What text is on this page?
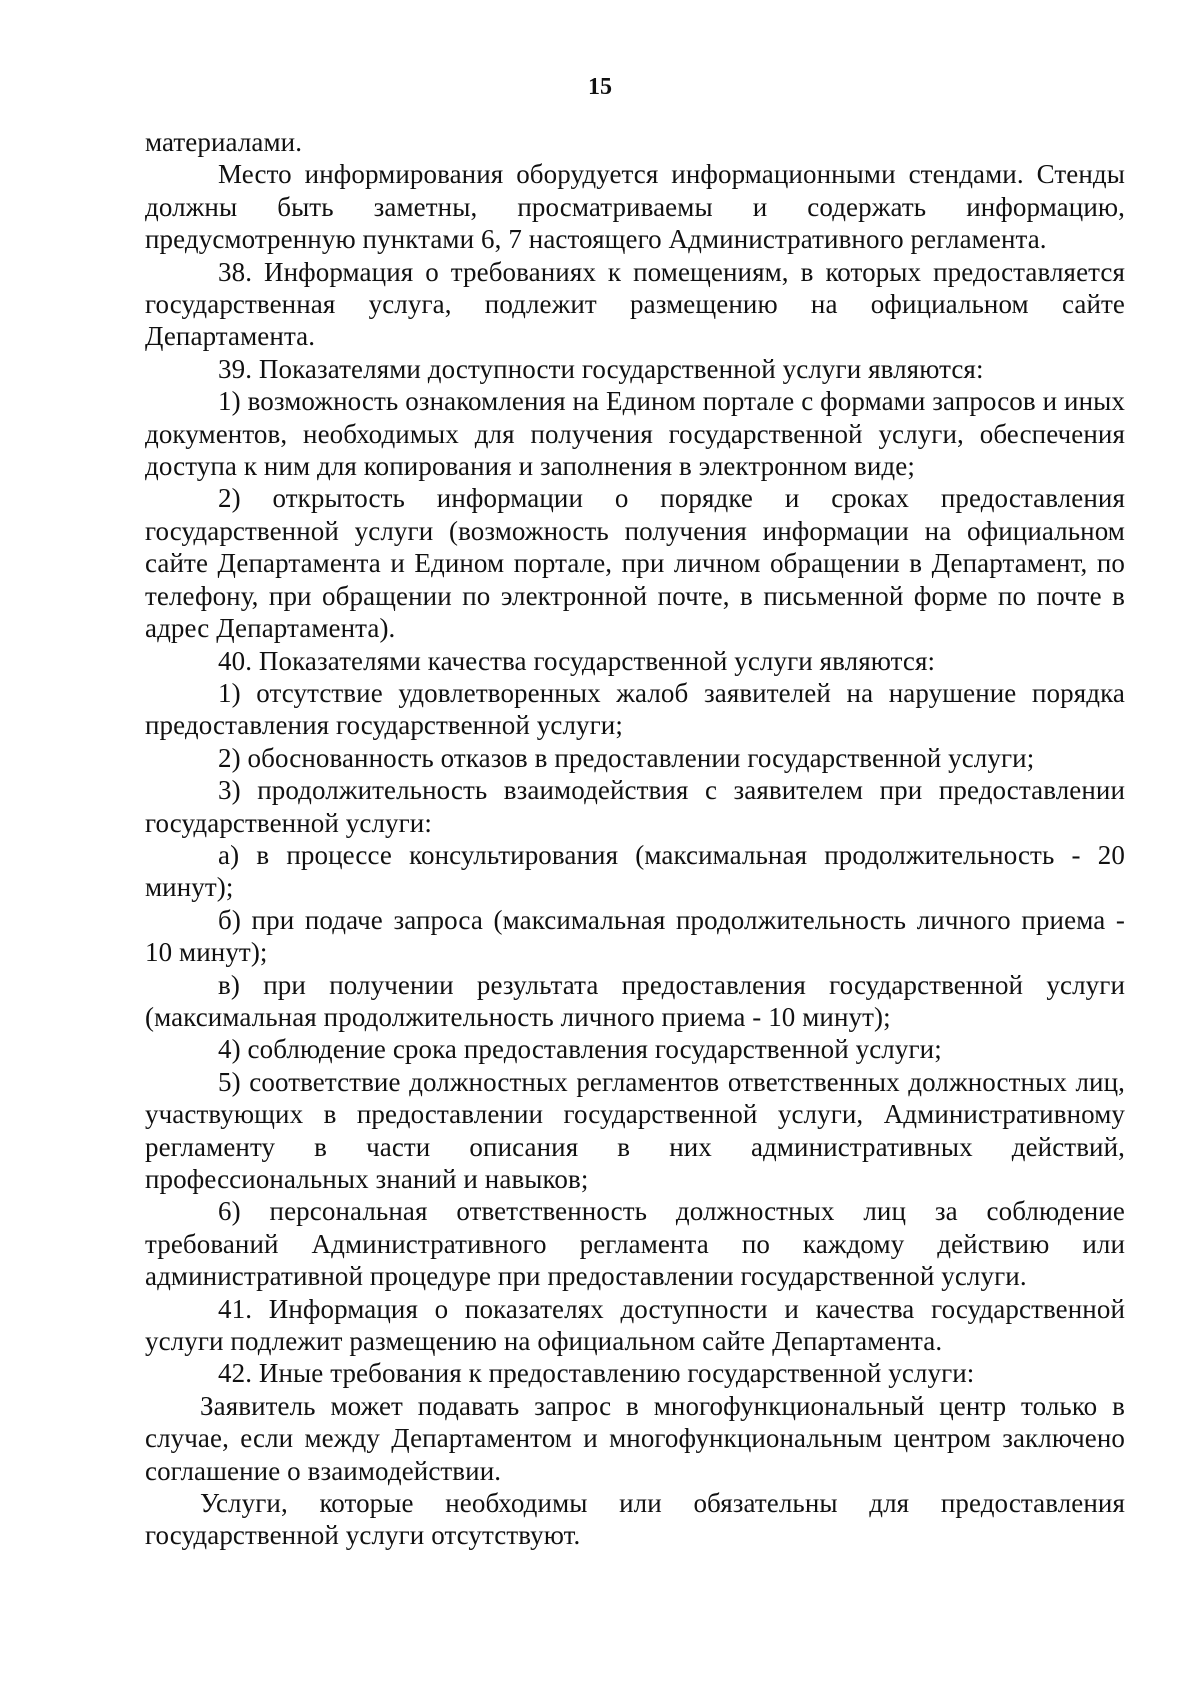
15

материалами.

Место информирования оборудуется информационными стендами. Стенды должны быть заметны, просматриваемы и содержать информацию, предусмотренную пунктами 6, 7 настоящего Административного регламента.

38. Информация о требованиях к помещениям, в которых предоставляется государственная услуга, подлежит размещению на официальном сайте Департамента.

39. Показателями доступности государственной услуги являются:

1) возможность ознакомления на Едином портале с формами запросов и иных документов, необходимых для получения государственной услуги, обеспечения доступа к ним для копирования и заполнения в электронном виде;

2) открытость информации о порядке и сроках предоставления государственной услуги (возможность получения информации на официальном сайте Департамента и Едином портале, при личном обращении в Департамент, по телефону, при обращении по электронной почте, в письменной форме по почте в адрес Департамента).

40. Показателями качества государственной услуги являются:

1) отсутствие удовлетворенных жалоб заявителей на нарушение порядка предоставления государственной услуги;

2) обоснованность отказов в предоставлении государственной услуги;

3) продолжительность взаимодействия с заявителем при предоставлении государственной услуги:

а) в процессе консультирования (максимальная продолжительность - 20 минут);

б) при подаче запроса (максимальная продолжительность личного приема - 10 минут);

в) при получении результата предоставления государственной услуги (максимальная продолжительность личного приема - 10 минут);

4) соблюдение срока предоставления государственной услуги;

5) соответствие должностных регламентов ответственных должностных лиц, участвующих в предоставлении государственной услуги, Административному регламенту в части описания в них административных действий, профессиональных знаний и навыков;

6) персональная ответственность должностных лиц за соблюдение требований Административного регламента по каждому действию или административной процедуре при предоставлении государственной услуги.

41. Информация о показателях доступности и качества государственной услуги подлежит размещению на официальном сайте Департамента.

42. Иные требования к предоставлению государственной услуги:

Заявитель может подавать запрос в многофункциональный центр только в случае, если между Департаментом и многофункциональным центром заключено соглашение о взаимодействии.

Услуги, которые необходимы или обязательны для предоставления государственной услуги отсутствуют.
